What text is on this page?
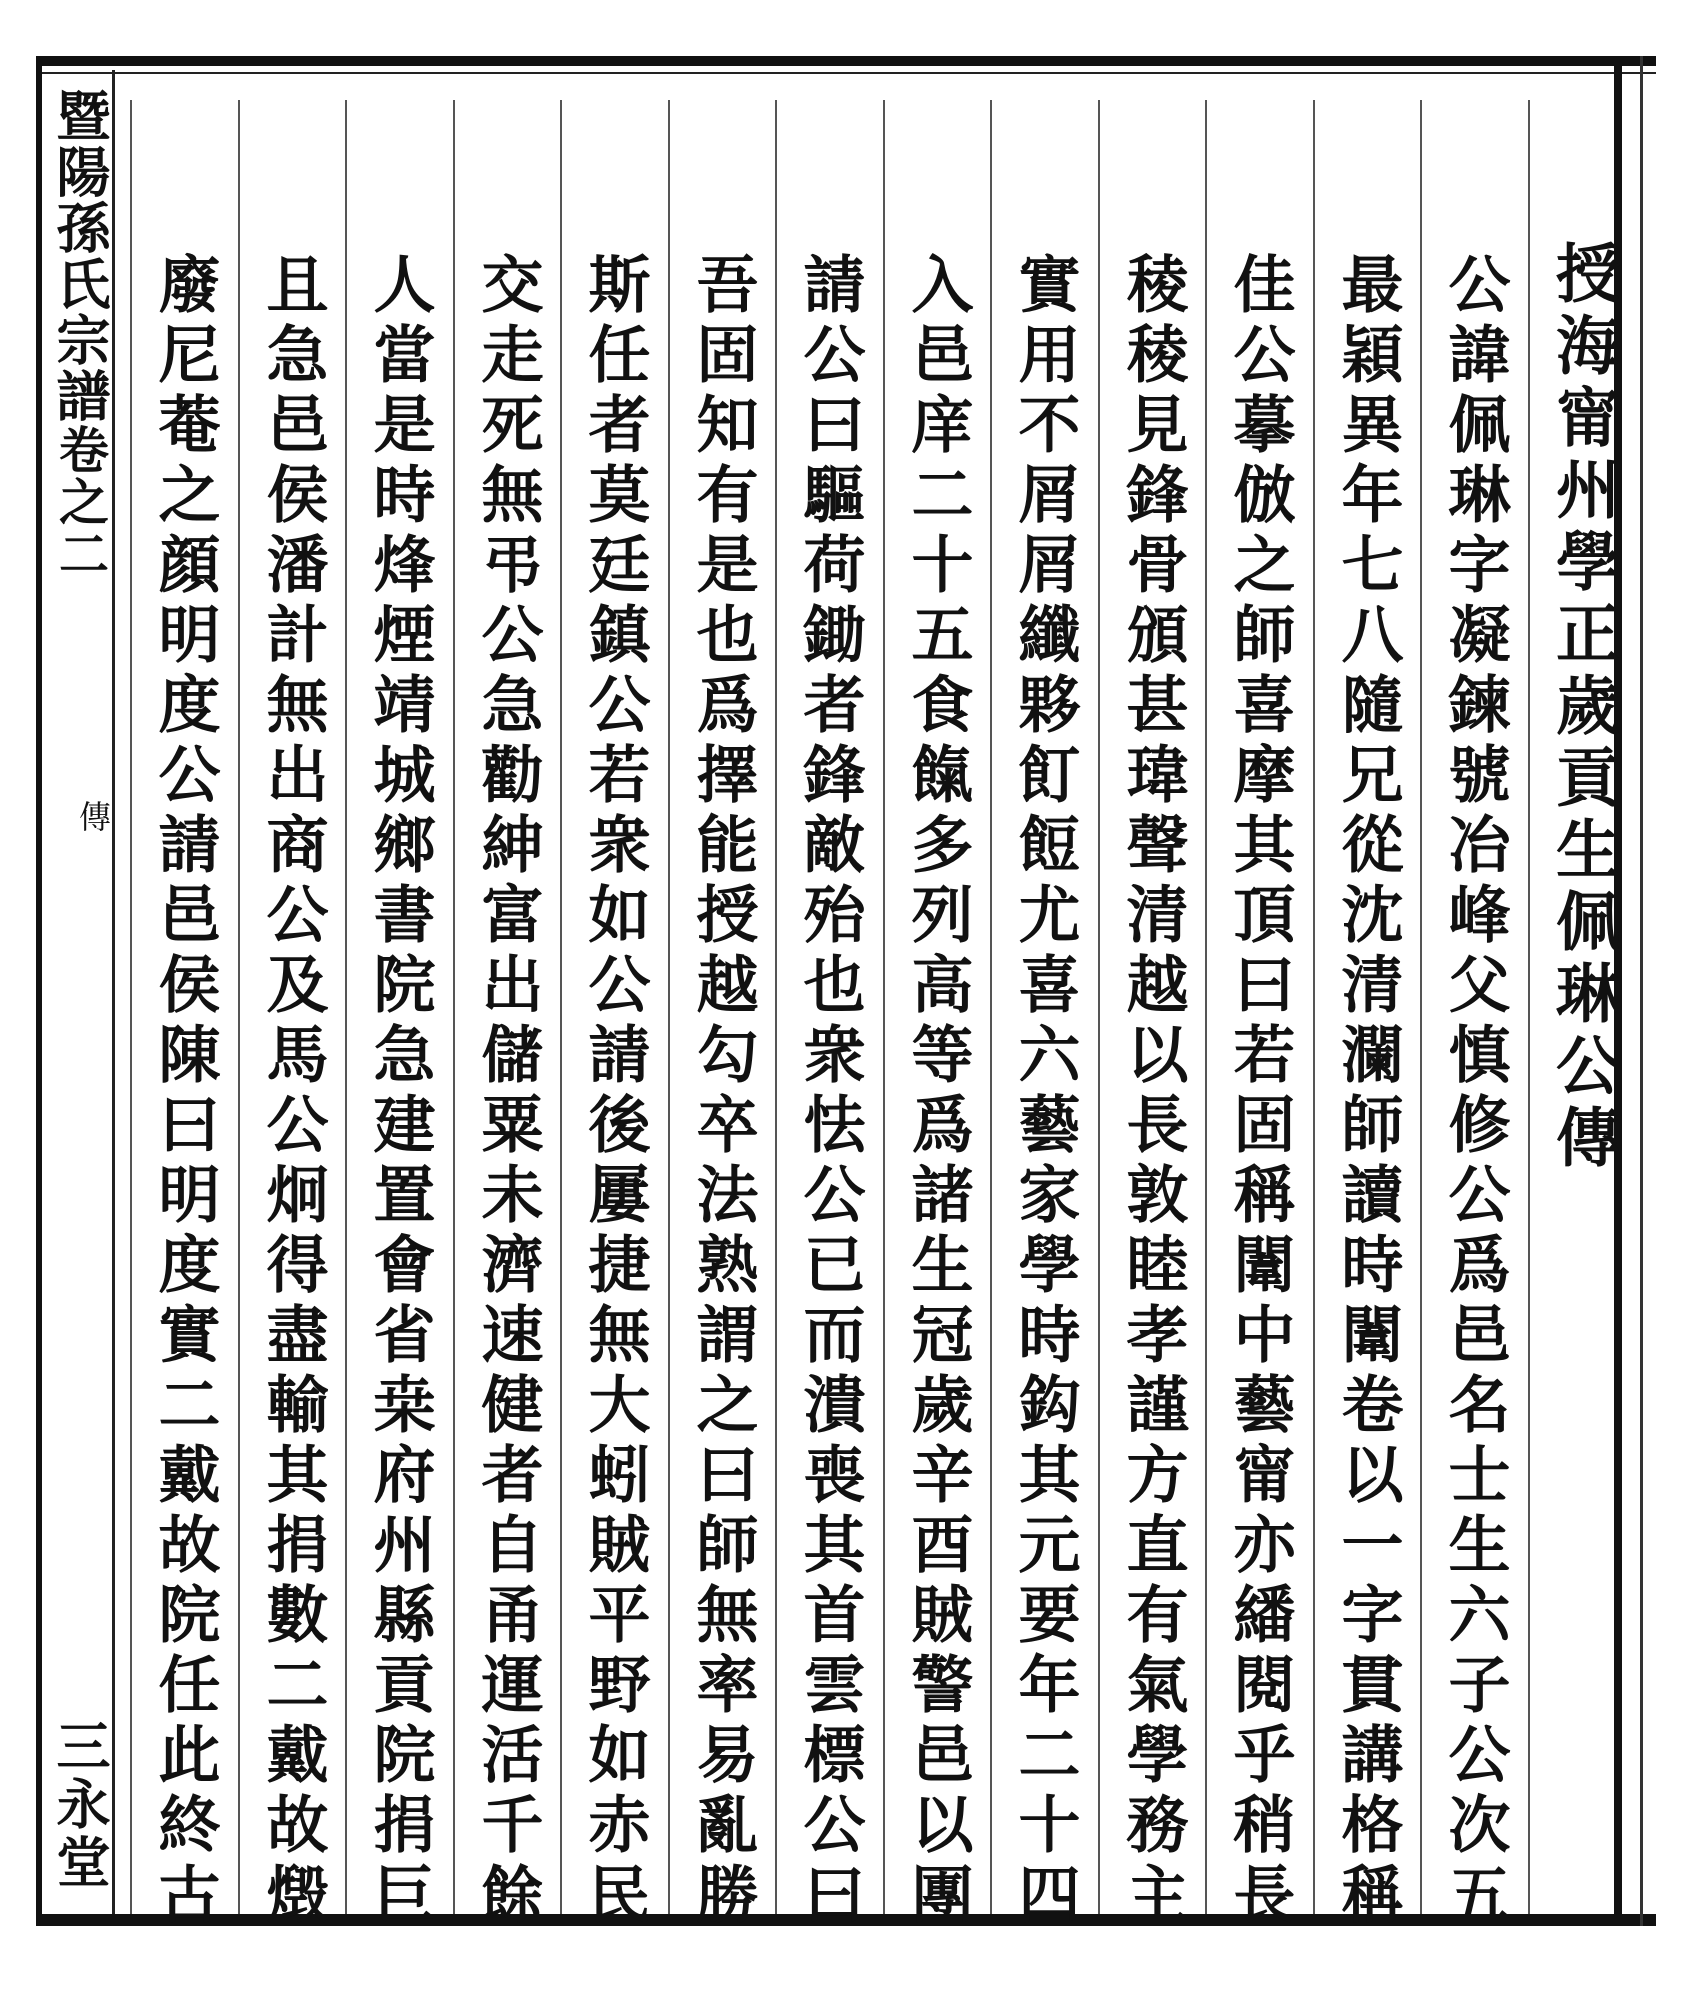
暨陽孫氏宗譜卷之二
三永堂
傳	授海甯州學正歲貢生佩琳公傳
公諱佩琳字凝鍊號冶峰父慎修公爲邑名士生六子公次五
最穎異年七八隨兄從沈清瀾師讀時闈卷以一字貫講格稱
佳公摹倣之師喜摩其頂曰若固稱闈中藝甯亦繙閱乎稍長
稜稜見鋒骨頒甚瑋聲清越以長敦睦孝謹方直有氣學務主
實用不屑屑纖夥飣餖尤喜六藝家學時鈎其元要年二十四
入邑庠二十五食餼多列高等爲諸生冠歲辛酉賊警邑以團
請公曰驅荷鋤者鋒敵殆也衆怯公已而潰喪其首雲標公曰
吾固知有是也爲擇能授越勾卒法熟謂之曰師無率易亂勝
斯任者莫廷鎮公若衆如公請後屢捷無大蚓賊平野如赤民
交走死無弔公急勸紳富出儲粟未濟速健者自甬運活千餘
人當是時烽煙靖城鄉書院急建置會省桒府州縣貢院捐巨
且急邑侯潘計無出商公及馬公炯得盡輸其捐數二戴故燬
廢尼菴之顔明度公請邑侯陳曰明度實二戴故院任此終古
